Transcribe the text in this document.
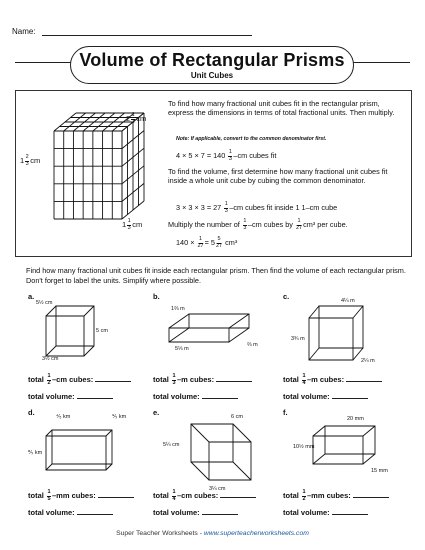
Name:
Volume of Rectangular Prisms
Unit Cubes
$2 \frac{1}{3}$ cm
$1 \frac{2}{3}$ cm
$1 \frac{1}{3}$ cm
To find how many fractional unit cubes fit in the rectangular prism, express the dimensions in terms of total fractional units. Then multiply.
Note: If applicable, convert to the common denominator first.
$4 \times 5 \times 7 = 140 \frac{1}{3} -cm$ cubes fit
To find the volume, first determine how many fractional unit cubes fit inside a whole unit cube by cubing the common denominator.
$3 \times 3 \times 3 = 27 \frac{1}{3} -cm$ cubes fit inside 1 1–cm cube
Multiply the number of $\frac{1}{3} -cm$ cubes by $\frac{1}{27} cm^3$ per cube.
$140 \times \frac{1}{27} = 5 \frac{5}{27} cm^3$
Find how many fractional unit cubes fit inside each rectangular prism. Then find the volume of each rectangular prism. Don't forget to label the units. Simplify where possible.
a.
5½ cm
5 cm
3½ cm
total $\frac{1}{2} -cm$ cubes:
total volume:
b.
1⅔ m
5⅓ m
⅔ m
total $\frac{1}{3} -m$ cubes:
total volume:
c.	4¼ m
3¾ m
2¼ m
total $\frac{1}{4} -m$ cubes:
total volume:
d.	⁴⁄₅ km	⅕ km
⅖ km
total $\frac{1}{5} -mm$ cubes:
total volume:
e.	6 cm
5¼ cm
3¼ cm
total $\frac{1}{4} -cm$ cubes:
total volume:
f.
20 mm
10½ mm
15 mm
total $\frac{1}{2} -mm$ cubes:
total volume:
Super Teacher Worksheets - www.superteacherworksheets.com
